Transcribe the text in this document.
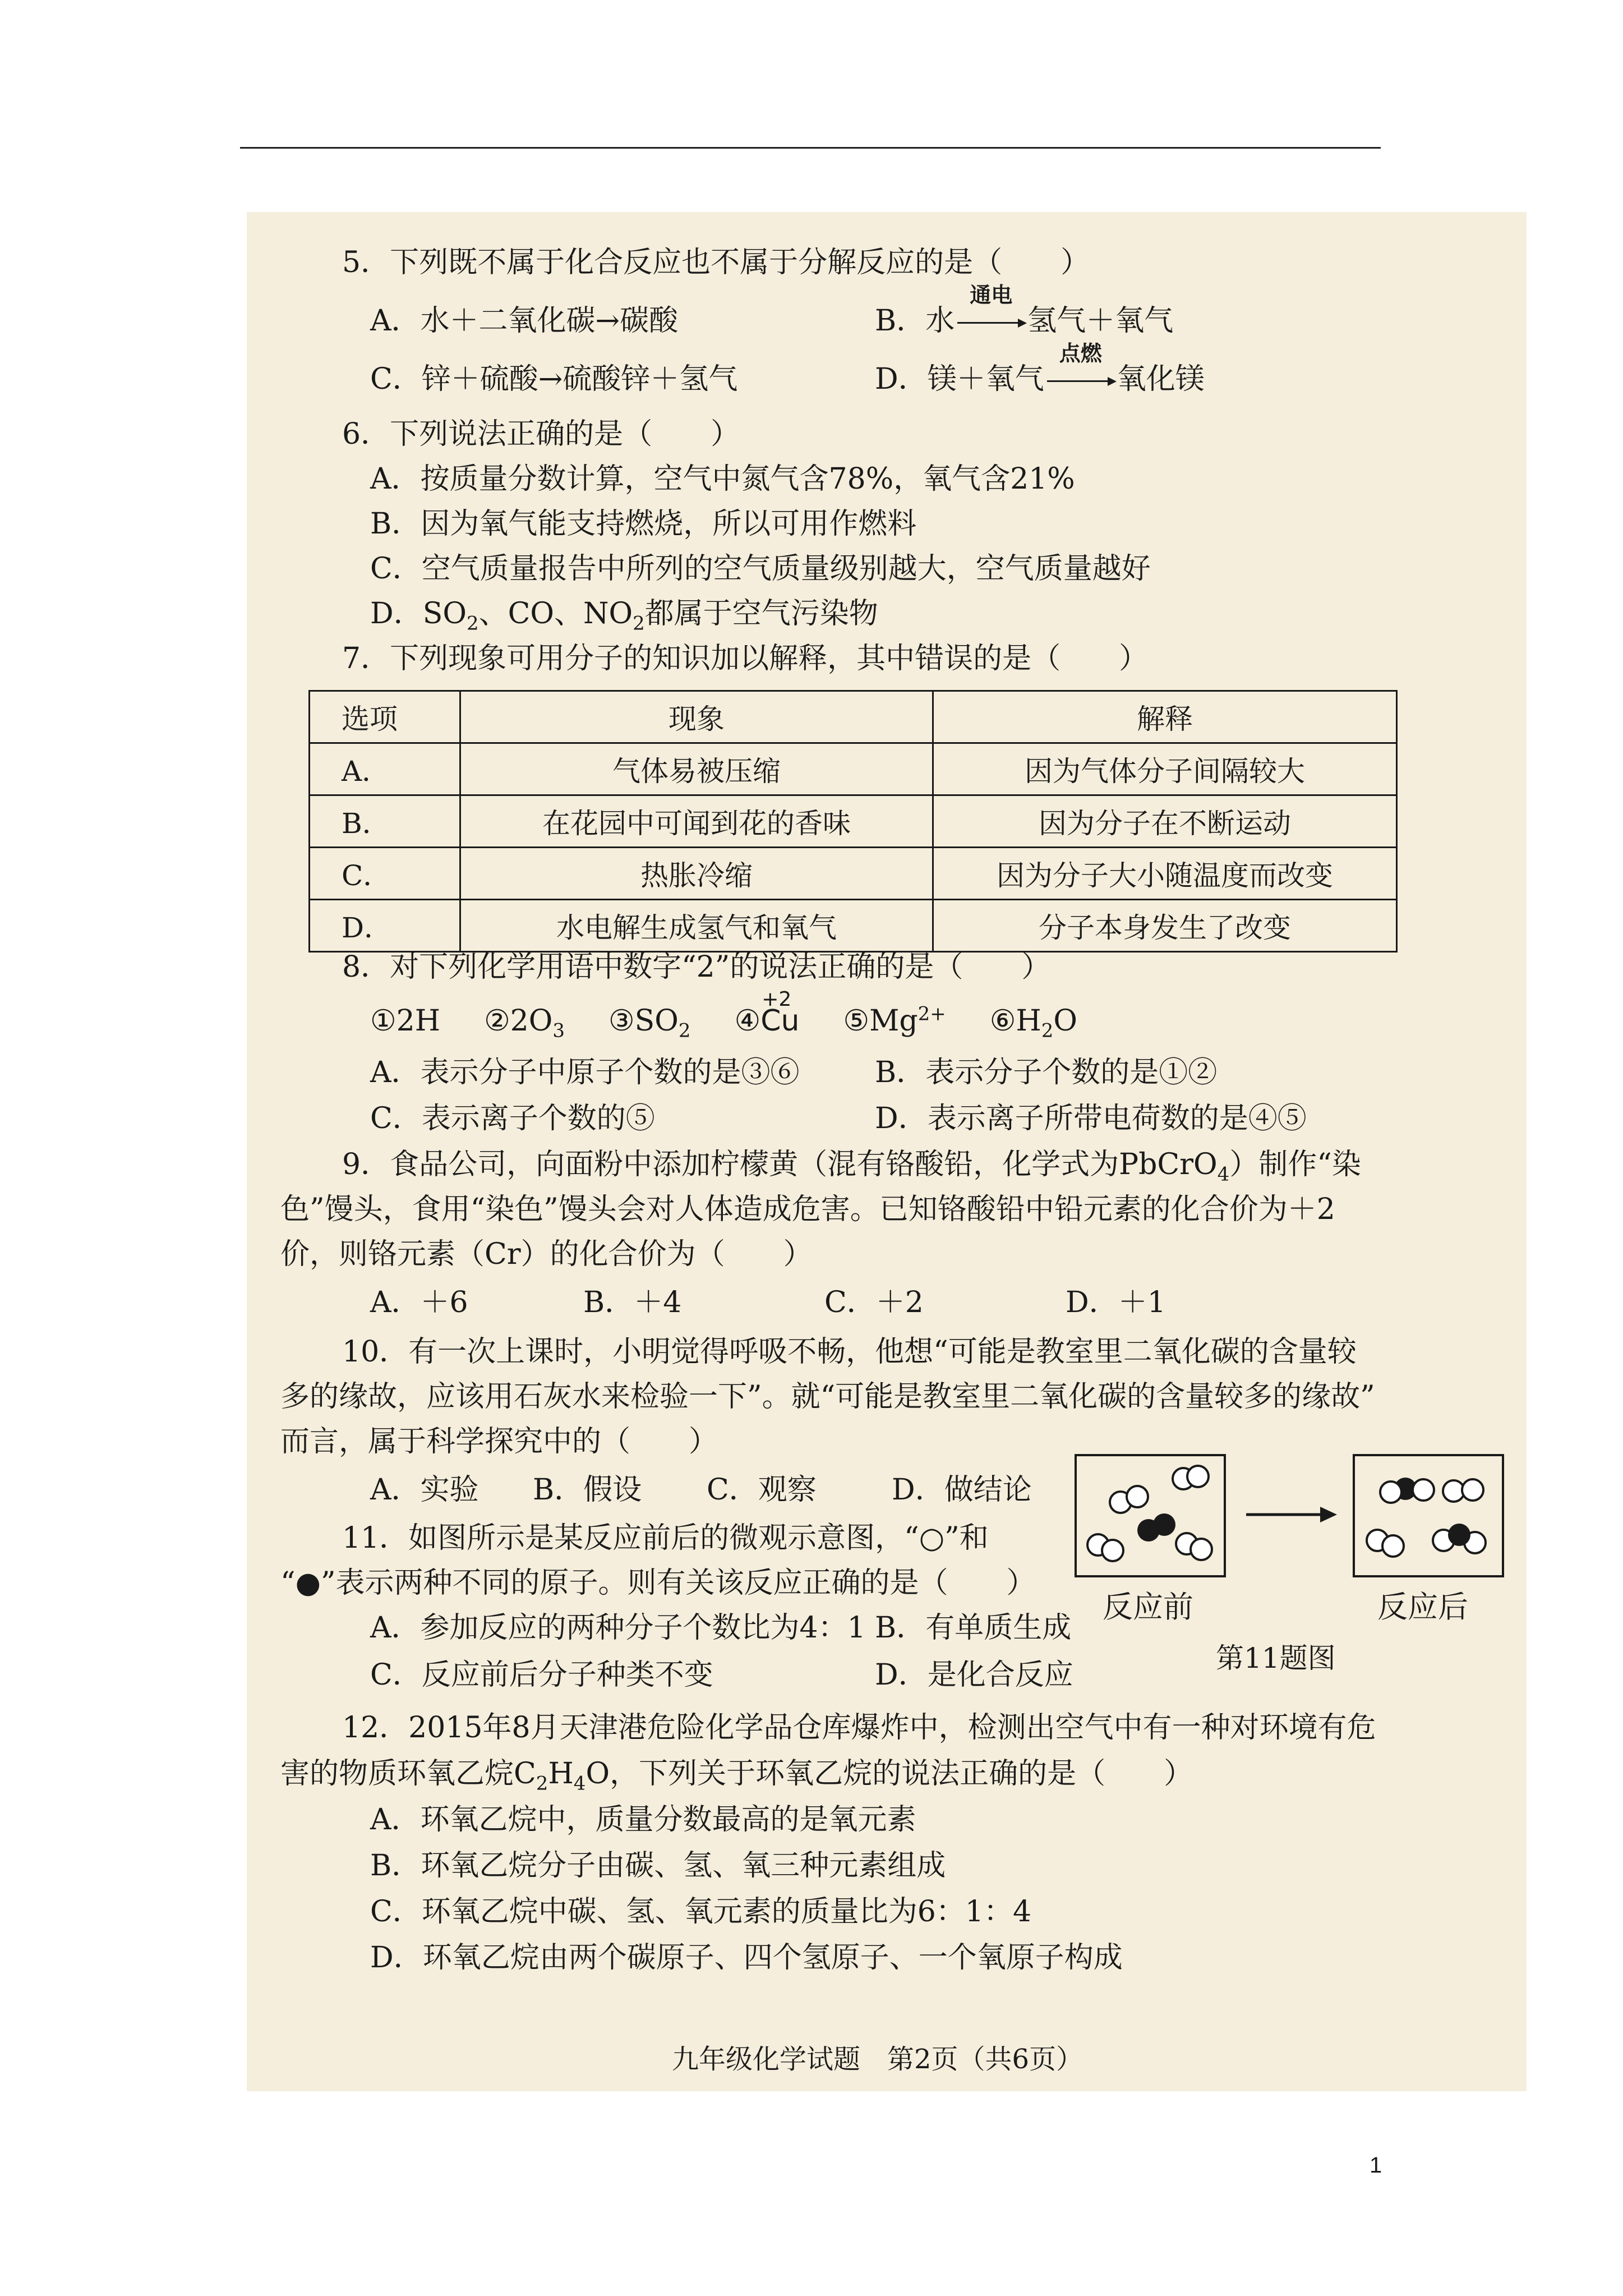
5．下列既不属于化合反应也不属于分解反应的是（　　）
A．水＋二氧化碳→碳酸	B．水
通电
氢气＋氧气
C．锌＋硫酸→硫酸锌＋氢气	D．镁＋氧气
点燃
氧化镁
6．下列说法正确的是（　　）
A．按质量分数计算，空气中氮气含78%，氧气含21%
B．因为氧气能支持燃烧，所以可用作燃料
C．空气质量报告中所列的空气质量级别越大，空气质量越好
D．$SO_2$、CO、$NO_2$都属于空气污染物
7．下列现象可用分子的知识加以解释，其中错误的是（　　）
选项	现象	解释
A．	气体易被压缩	因为气体分子间隔较大
B．	在花园中可闻到花的香味	因为分子在不断运动
C．	热胀冷缩	因为分子大小随温度而改变
D．	水电解生成氢气和氧气	分子本身发生了改变
8．对下列化学用语中数字“2”的说法正确的是（　　）
①2H   $②2O_3$   $③SO_2$   ④
+2
Cu   $⑤Mg^{2+}$   $⑥H_2O$
A．表示分子中原子个数的是③⑥	B．表示分子个数的是①②
C．表示离子个数的⑤	D．表示离子所带电荷数的是④⑤
9．食品公司，向面粉中添加柠檬黄（混有铬酸铅，化学式为PbCrO$_4$）制作“染
色”馒头，食用“染色”馒头会对人体造成危害。已知铬酸铅中铅元素的化合价为＋2
价，则铬元素（Cr）的化合价为（　　）
A．＋6	B．＋4	C．＋2	D．＋1
10．有一次上课时，小明觉得呼吸不畅，他想“可能是教室里二氧化碳的含量较
多的缘故，应该用石灰水来检验一下”。就“可能是教室里二氧化碳的含量较多的缘故”
而言，属于科学探究中的（　　）
A．实验 B．假设 C．观察	D．做结论
11．如图所示是某反应前后的微观示意图，“○”和
“●”表示两种不同的原子。则有关该反应正确的是（　　）
A．参加反应的两种分子个数比为4：1 B．有单质生成
C．反应前后分子种类不变	D．是化合反应
反应前	反应后
第11题图
12．2015年8月天津港危险化学品仓库爆炸中，检测出空气中有一种对环境有危
害的物质环氧乙烷$C_2H_4O$，下列关于环氧乙烷的说法正确的是（　　）
A．环氧乙烷中，质量分数最高的是氧元素
B．环氧乙烷分子由碳、氢、氧三种元素组成
C．环氧乙烷中碳、氢、氧元素的质量比为6：1：4
D．环氧乙烷由两个碳原子、四个氢原子、一个氧原子构成
九年级化学试题　第2页（共6页）
1
